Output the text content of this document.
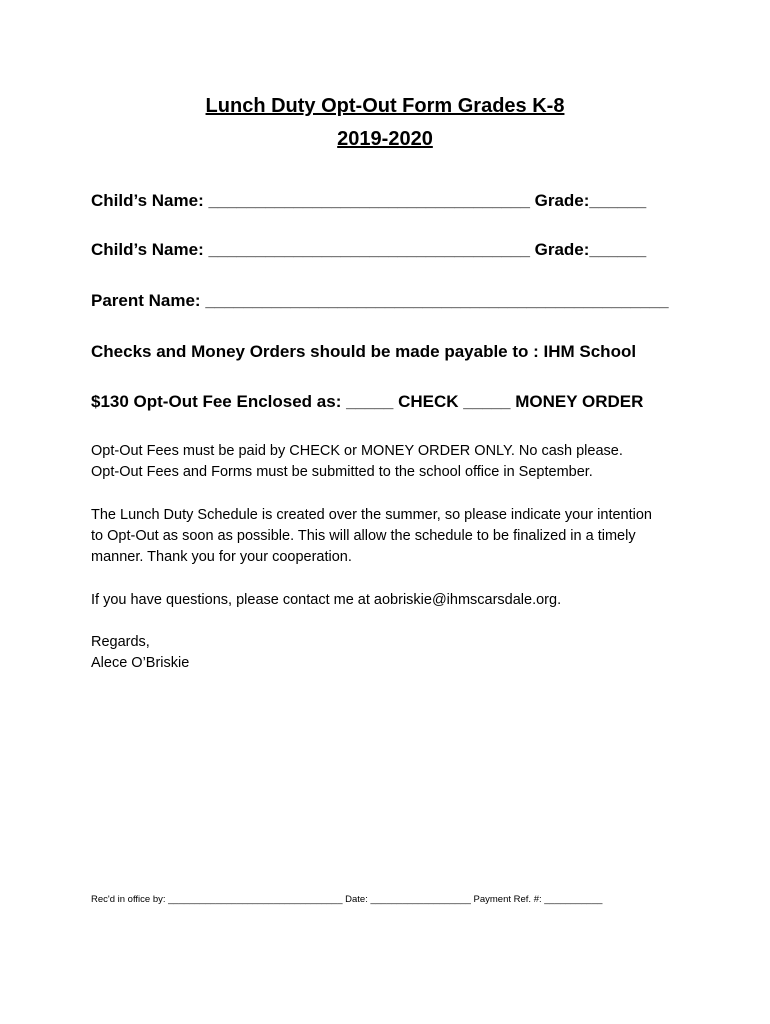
Lunch Duty Opt-Out Form Grades K-8
2019-2020
Child’s Name: __________________________________ Grade:______
Child’s Name: __________________________________ Grade:______
Parent Name: _________________________________________________
Checks and Money Orders should be made payable to : IHM School
$130 Opt-Out Fee Enclosed as: _____ CHECK _____ MONEY ORDER
Opt-Out Fees must be paid by CHECK or MONEY ORDER ONLY. No cash please.
Opt-Out Fees and Forms must be submitted to the school office in September.
The Lunch Duty Schedule is created over the summer, so please indicate your intention
to Opt-Out as soon as possible. This will allow the schedule to be finalized in a timely
manner. Thank you for your cooperation.
If you have questions, please contact me at aobriskie@ihmscarsdale.org.
Regards,
Alece O’Briskie
Rec'd in office by: _________________________________ Date: ___________________ Payment Ref. #: ___________
